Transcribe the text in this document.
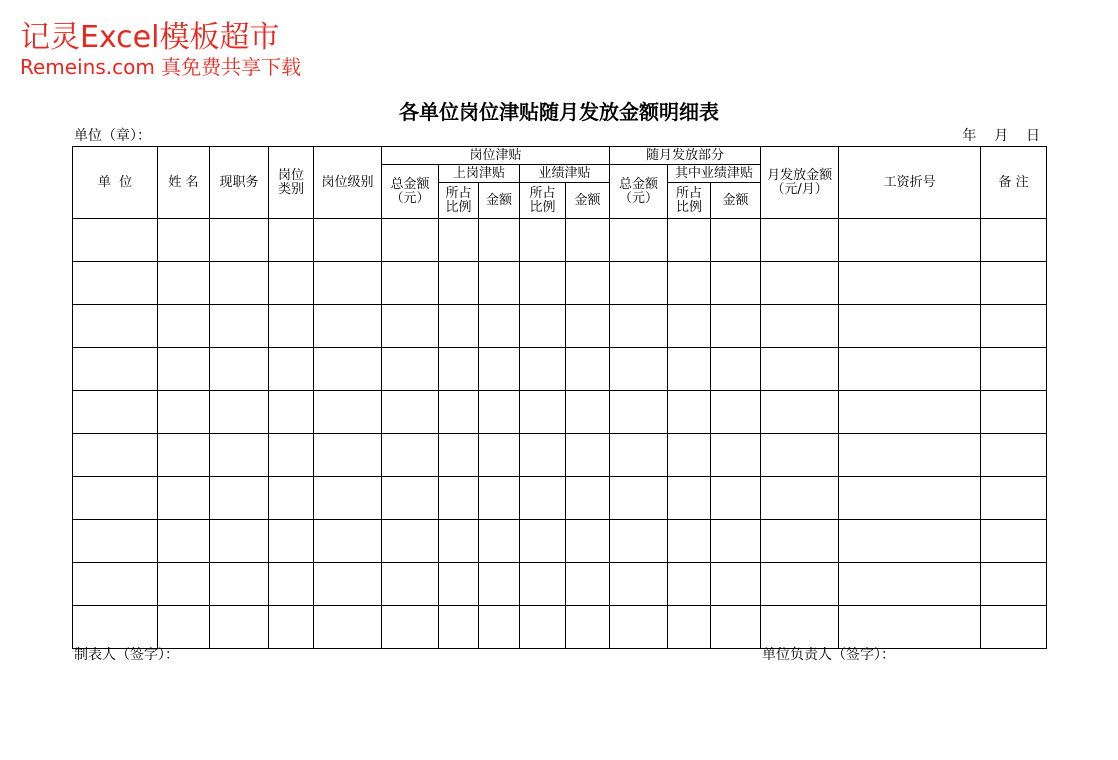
记灵Excel模板超市
Remeins.com 真免费共享下载
各单位岗位津贴随月发放金额明细表
单位（章）：	年    月    日
单  位	姓 名	现职务	岗位类别	岗位级别	岗位津贴					随月发放部分			月发放金额（元/月）	工资折号	备 注
					总金额（元）	上岗津贴		业绩津贴		总金额（元）	其中业绩津贴				
						所占比例	金额	所占比例	金额		所占比例	金额			

制表人（签字）：	单位负责人（签字）：
